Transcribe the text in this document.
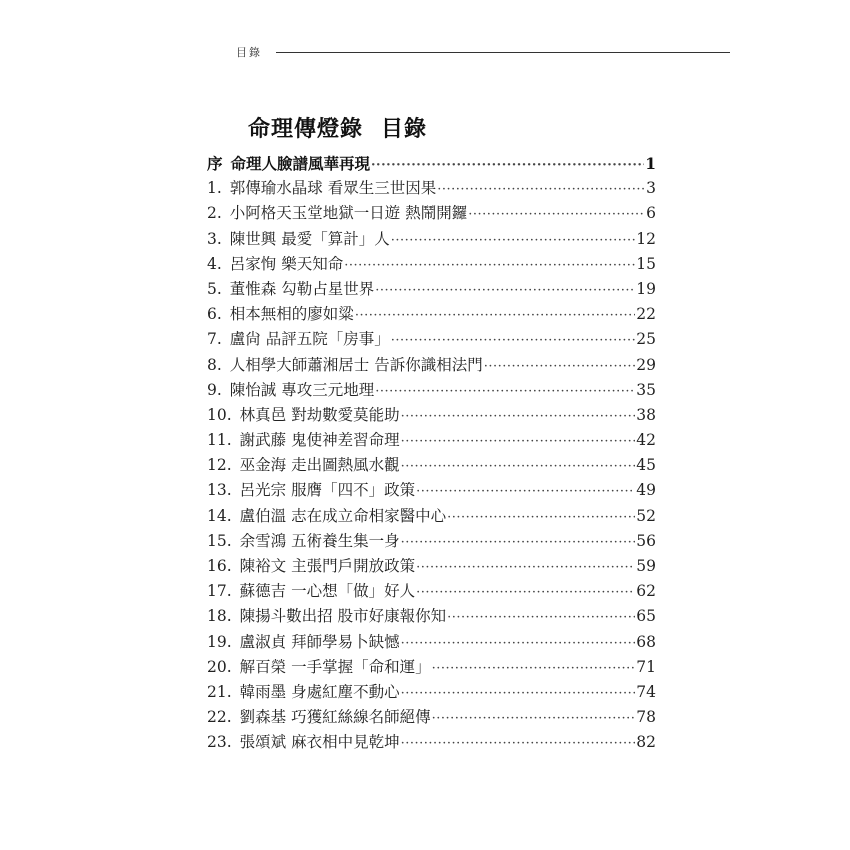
目錄
命理傳燈錄 目錄
序 命理人臉譜風華再現 ·····	1
1. 郭傳瑜水晶球 看眾生三世因果 ·····	3
2. 小阿格天玉堂地獄一日遊 熱鬧開鑼 ·····	6
3. 陳世興 最愛「算計」人 ·····	12
4. 呂家恂 樂天知命 ·····	15
5. 董惟森 勾勒占星世界 ·····	19
6. 相本無相的廖如粱 ·····	22
7. 盧尙 品評五院「房事」 ·····	25
8. 人相學大師蕭湘居士 告訴你識相法門 ·····	29
9. 陳怡誠 專攻三元地理 ·····	35
10. 林真邑 對劫數愛莫能助 ·····	38
11. 謝武藤 鬼使神差習命理 ·····	42
12. 巫金海 走出圖熱風水觀 ·····	45
13. 呂光宗 服膺「四不」政策 ·····	49
14. 盧伯溫 志在成立命相家醫中心 ·····	52
15. 余雪鴻 五術養生集一身 ·····	56
16. 陳裕文 主張門戶開放政策 ·····	59
17. 蘇德吉 一心想「做」好人 ·····	62
18. 陳揚斗數出招 股市好康報你知 ·····	65
19. 盧淑貞 拜師學易卜缺憾 ·····	68
20. 解百榮 一手掌握「命和運」 ·····	71
21. 韓雨墨 身處紅塵不動心 ·····	74
22. 劉森基 巧獲紅絲線名師絕傳 ·····	78
23. 張頌斌 麻衣相中見乾坤 ·····	82
